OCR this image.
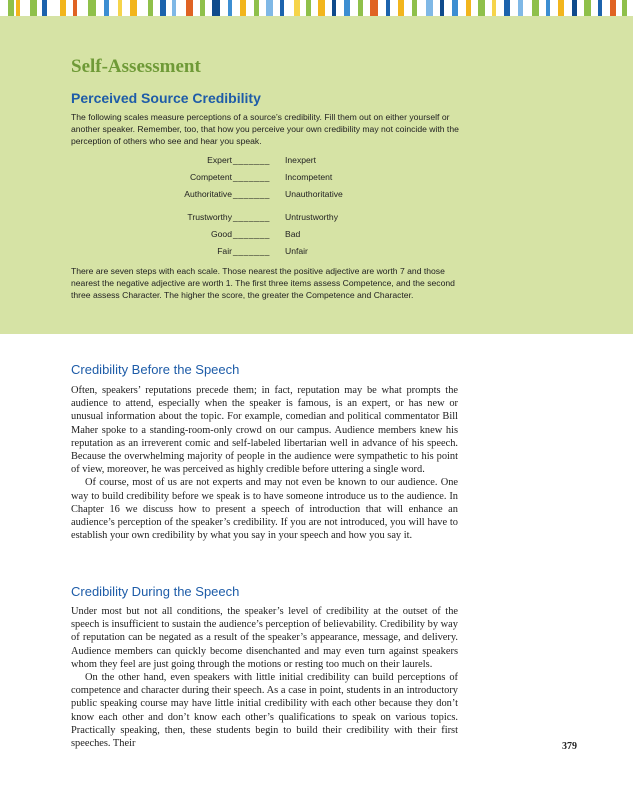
Self-Assessment
Perceived Source Credibility

The following scales measure perceptions of a source’s credibility. Fill them out on either yourself or another speaker. Remember, too, that how you perceive your own credibility may not coincide with the perception of others who see and hear you speak.

Expert _______ Inexpert
Competent _______ Incompetent
Authoritative _______ Unauthoritative
Trustworthy _______ Untrustworthy
Good _______ Bad
Fair _______ Unfair

There are seven steps with each scale. Those nearest the positive adjective are worth 7 and those nearest the negative adjective are worth 1. The first three items assess Competence, and the second three assess Character. The higher the score, the greater the Competence and Character.

Credibility Before the Speech

Often, speakers’ reputations precede them; in fact, reputation may be what prompts the audience to attend, especially when the speaker is famous, is an expert, or has new or unusual information about the topic. For example, comedian and political commentator Bill Maher spoke to a standing-room-only crowd on our campus. Audience members knew his reputation as an irreverent comic and self-labeled libertarian well in advance of his speech. Because the overwhelming majority of people in the audience were sympathetic to his point of view, moreover, he was perceived as highly credible before uttering a single word.

Of course, most of us are not experts and may not even be known to our audience. One way to build credibility before we speak is to have someone introduce us to the audience. In Chapter 16 we discuss how to present a speech of introduction that will enhance an audience’s perception of the speaker’s credibility. If you are not introduced, you will have to establish your own credibility by what you say in your speech and how you say it.

Credibility During the Speech

Under most but not all conditions, the speaker’s level of credibility at the outset of the speech is insufficient to sustain the audience’s perception of believability. Credibility by way of reputation can be negated as a result of the speaker’s appearance, message, and delivery. Audience members can quickly become disenchanted and may even turn against speakers whom they feel are just going through the motions or resting too much on their laurels.

On the other hand, even speakers with little initial credibility can build perceptions of competence and character during their speech. As a case in point, students in an introductory public speaking course may have little initial credibility with each other because they don’t know each other and don’t know each other’s qualifications to speak on various topics. Practically speaking, then, these students begin to build their credibility with their first speeches. Their	379
